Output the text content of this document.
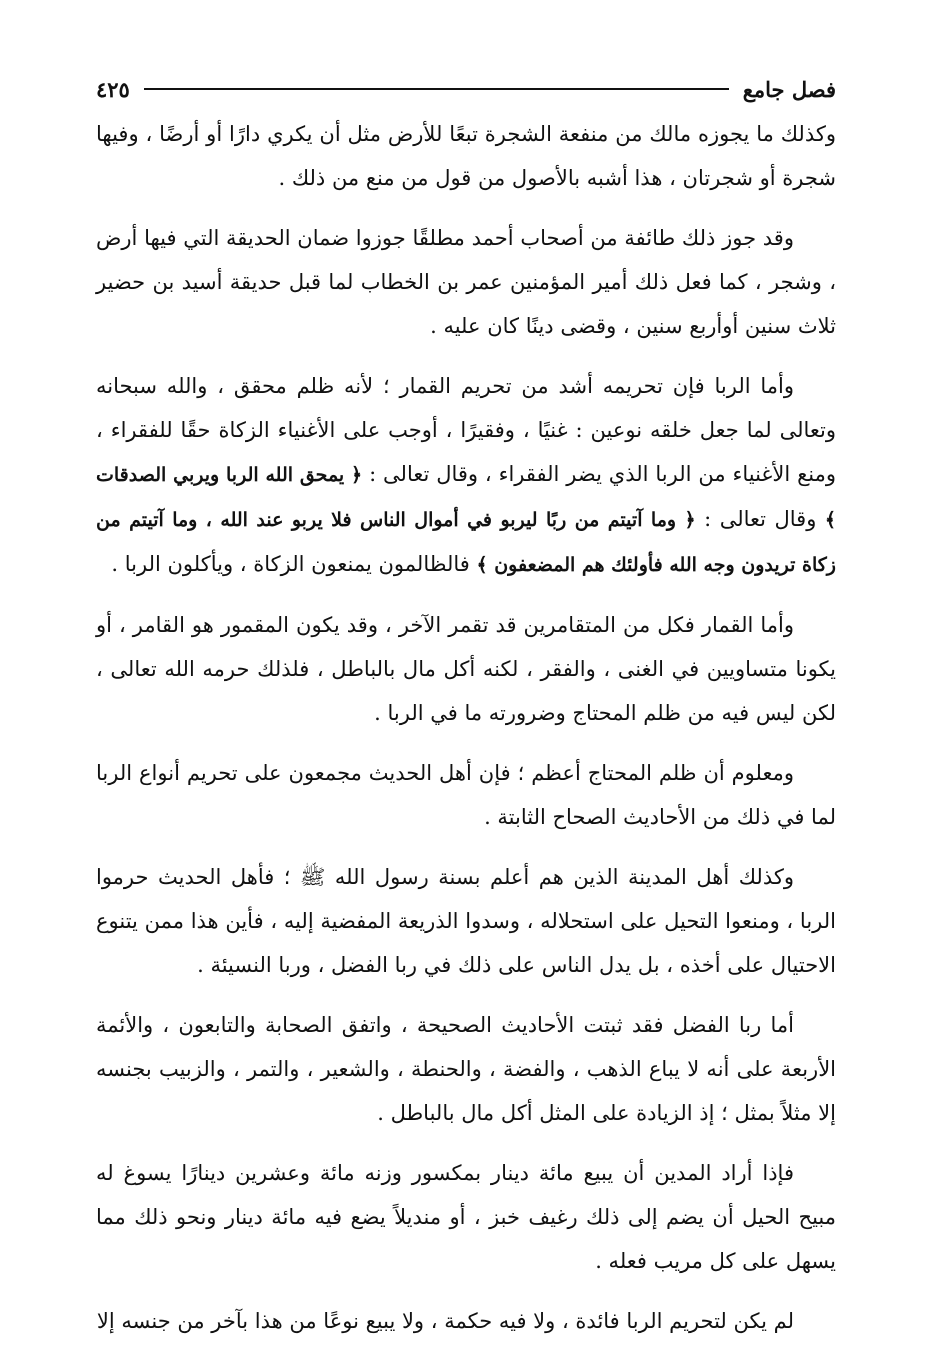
فصل جامع
٤٢٥

وكذلك ما يجوزه مالك من منفعة الشجرة تبعًا للأرض مثل أن يكري دارًا أو أرضًا ، وفيها شجرة أو شجرتان ، هذا أشبه بالأصول من قول من منع من ذلك .

وقد جوز ذلك طائفة من أصحاب أحمد مطلقًا جوزوا ضمان الحديقة التي فيها أرض ، وشجر ، كما فعل ذلك أمير المؤمنين عمر بن الخطاب لما قبل حديقة أسيد بن حضير ثلاث سنين أوأربع سنين ، وقضى دينًا كان عليه .

وأما الربا فإن تحريمه أشد من تحريم القمار ؛ لأنه ظلم محقق ، والله سبحانه وتعالى لما جعل خلقه نوعين : غنيًا ، وفقيرًا ، أوجب على الأغنياء الزكاة حقًا للفقراء ، ومنع الأغنياء من الربا الذي يضر الفقراء ، وقال تعالى : ﴿ يمحق الله الربا ويربي الصدقات ﴾ وقال تعالى : ﴿ وما آتيتم من ربًا ليربو في أموال الناس فلا يربو عند الله ، وما آتيتم من زكاة تريدون وجه الله فأولئك هم المضعفون ﴾ فالظالمون يمنعون الزكاة ، ويأكلون الربا .

وأما القمار فكل من المتقامرين قد تقمر الآخر ، وقد يكون المقمور هو القامر ، أو يكونا متساويين في الغنى ، والفقر ، لكنه أكل مال بالباطل ، فلذلك حرمه الله تعالى ، لكن ليس فيه من ظلم المحتاج وضرورته ما في الربا .

ومعلوم أن ظلم المحتاج أعظم ؛ فإن أهل الحديث مجمعون على تحريم أنواع الربا لما في ذلك من الأحاديث الصحاح الثابتة .

وكذلك أهل المدينة الذين هم أعلم بسنة رسول الله ﷺ ؛ فأهل الحديث حرموا الربا ، ومنعوا التحيل على استحلاله ، وسدوا الذريعة المفضية إليه ، فأين هذا ممن يتنوع الاحتيال على أخذه ، بل يدل الناس على ذلك في ربا الفضل ، وربا النسيئة .

أما ربا الفضل فقد ثبتت الأحاديث الصحيحة ، واتفق الصحابة والتابعون ، والأئمة الأربعة على أنه لا يباع الذهب ، والفضة ، والحنطة ، والشعير ، والتمر ، والزبيب بجنسه إلا مثلاً بمثل ؛ إذ الزيادة على المثل أكل مال بالباطل .

فإذا أراد المدين أن يبيع مائة دينار بمكسور وزنه مائة وعشرين دينارًا يسوغ له مبيح الحيل أن يضم إلى ذلك رغيف خبز ، أو منديلاً يضع فيه مائة دينار ونحو ذلك مما يسهل على كل مريب فعله .

لم يكن لتحريم الربا فائدة ، ولا فيه حكمة ، ولا يبيع نوعًا من هذا بآخر من جنسه إلا
